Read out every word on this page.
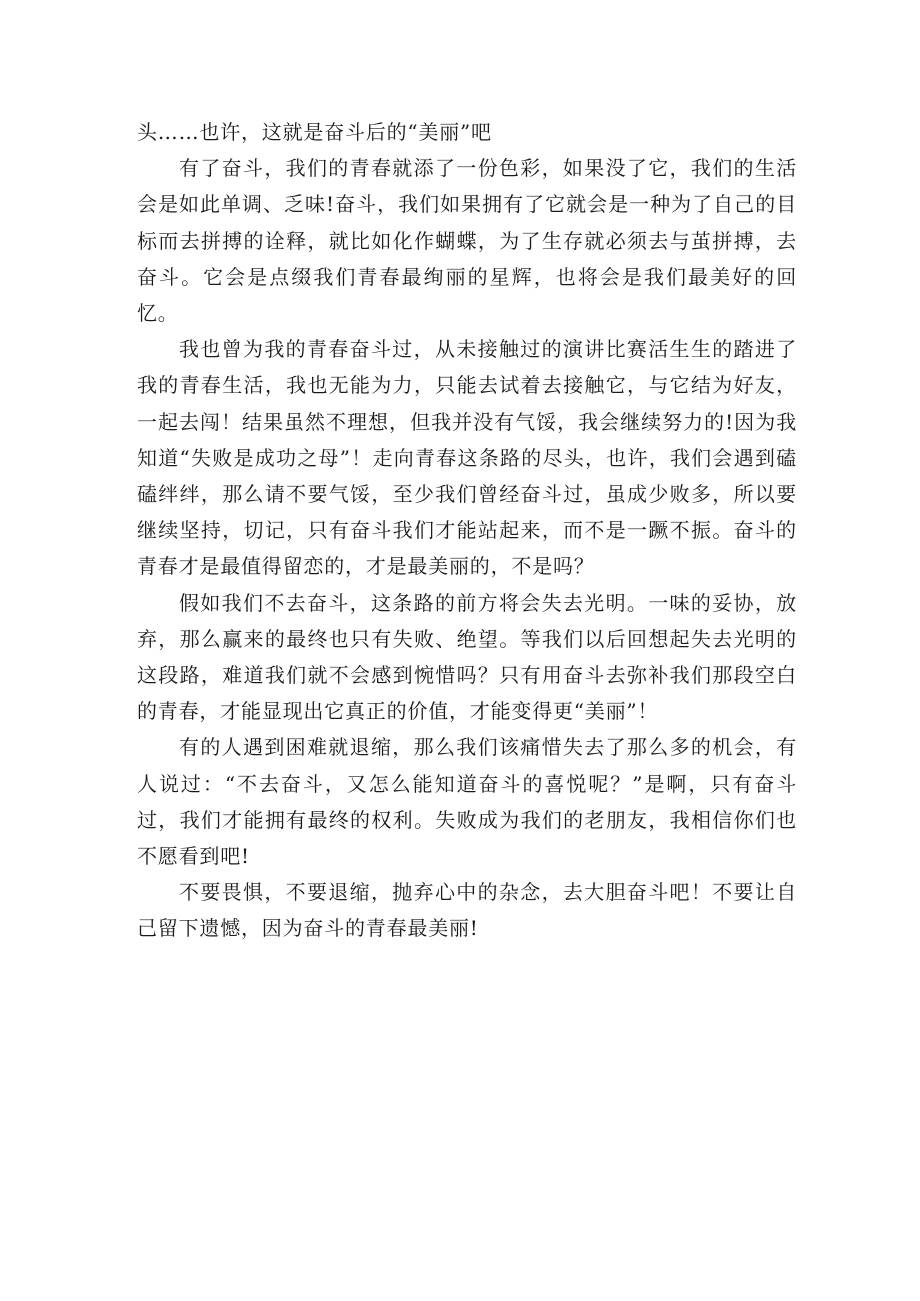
头……也许，这就是奋斗后的“美丽”吧

有了奋斗，我们的青春就添了一份色彩，如果没了它，我们的生活会是如此单调、乏味!奋斗，我们如果拥有了它就会是一种为了自己的目标而去拼搏的诠释，就比如化作蝴蝶，为了生存就必须去与茧拼搏，去奋斗。它会是点缀我们青春最绚丽的星辉，也将会是我们最美好的回忆。

我也曾为我的青春奋斗过，从未接触过的演讲比赛活生生的踏进了我的青春生活，我也无能为力，只能去试着去接触它，与它结为好友，一起去闯！结果虽然不理想，但我并没有气馁，我会继续努力的!因为我知道“失败是成功之母”！走向青春这条路的尽头，也许，我们会遇到磕磕绊绊，那么请不要气馁，至少我们曾经奋斗过，虽成少败多，所以要继续坚持，切记，只有奋斗我们才能站起来，而不是一蹶不振。奋斗的青春才是最值得留恋的，才是最美丽的，不是吗？

假如我们不去奋斗，这条路的前方将会失去光明。一味的妥协，放弃，那么赢来的最终也只有失败、绝望。等我们以后回想起失去光明的这段路，难道我们就不会感到惋惜吗？只有用奋斗去弥补我们那段空白的青春，才能显现出它真正的价值，才能变得更“美丽”！

有的人遇到困难就退缩，那么我们该痛惜失去了那么多的机会，有人说过：“不去奋斗，又怎么能知道奋斗的喜悦呢？”是啊，只有奋斗过，我们才能拥有最终的权利。失败成为我们的老朋友，我相信你们也不愿看到吧!

不要畏惧，不要退缩，抛弃心中的杂念，去大胆奋斗吧！不要让自己留下遗憾，因为奋斗的青春最美丽!
